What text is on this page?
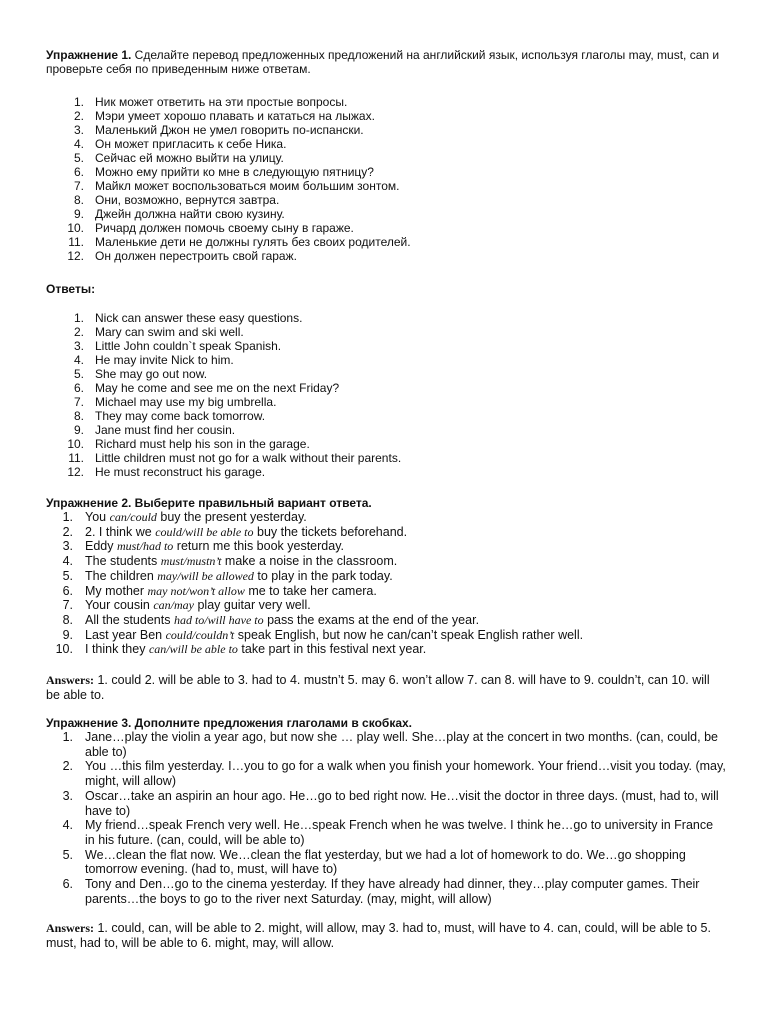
Упражнение 1. Сделайте перевод предложенных предложений на английский язык, используя глаголы may, must, can и проверьте себя по приведенным ниже ответам.

1. Ник может ответить на эти простые вопросы.
2. Мэри умеет хорошо плавать и кататься на лыжах.
3. Маленький Джон не умел говорить по-испански.
4. Он может пригласить к себе Ника.
5. Сейчас ей можно выйти на улицу.
6. Можно ему прийти ко мне в следующую пятницу?
7. Майкл может воспользоваться моим большим зонтом.
8. Они, возможно, вернутся завтра.
9. Джейн должна найти свою кузину.
10. Ричард должен помочь своему сыну в гараже.
11. Маленькие дети не должны гулять без своих родителей.
12. Он должен перестроить свой гараж.
Ответы:
1. Nick can answer these easy questions.
2. Mary can swim and ski well.
3. Little John couldn`t speak Spanish.
4. He may invite Nick to him.
5. She may go out now.
6. May he come and see me on the next Friday?
7. Michael may use my big umbrella.
8. They may come back tomorrow.
9. Jane must find her cousin.
10. Richard must help his son in the garage.
11. Little children must not go for a walk without their parents.
12. He must reconstruct his garage.
Упражнение 2. Выберите правильный вариант ответа.
1. You can/could buy the present yesterday.
2. 2. I think we could/will be able to buy the tickets beforehand.
3. Eddy must/had to return me this book yesterday.
4. The students must/mustn’t make a noise in the classroom.
5. The children may/will be allowed to play in the park today.
6. My mother may not/won’t allow me to take her camera.
7. Your cousin can/may play guitar very well.
8. All the students had to/will have to pass the exams at the end of the year.
9. Last year Ben could/couldn’t speak English, but now he can/can’t speak English rather well.
10. I think they can/will be able to take part in this festival next year.

Answers: 1. could 2. will be able to 3. had to 4. mustn’t 5. may 6. won’t allow 7. can 8. will have to 9. couldn’t, can 10. will be able to.

Упражнение 3. Дополните предложения глаголами в скобках.
1. Jane…play the violin a year ago, but now she … play well. She…play at the concert in two months. (can, could, be able to)
2. You …this film yesterday. I…you to go for a walk when you finish your homework. Your friend…visit you today. (may, might, will allow)
3. Oscar…take an aspirin an hour ago. He…go to bed right now. He…visit the doctor in three days. (must, had to, will have to)
4. My friend…speak French very well. He…speak French when he was twelve. I think he…go to university in France in his future. (can, could, will be able to)
5. We…clean the flat now. We…clean the flat yesterday, but we had a lot of homework to do. We…go shopping tomorrow evening. (had to, must, will have to)
6. Tony and Den…go to the cinema yesterday. If they have already had dinner, they…play computer games. Their parents…the boys to go to the river next Saturday. (may, might, will allow)

Answers: 1. could, can, will be able to 2. might, will allow, may 3. had to, must, will have to 4. can, could, will be able to 5. must, had to, will be able to 6. might, may, will allow.
